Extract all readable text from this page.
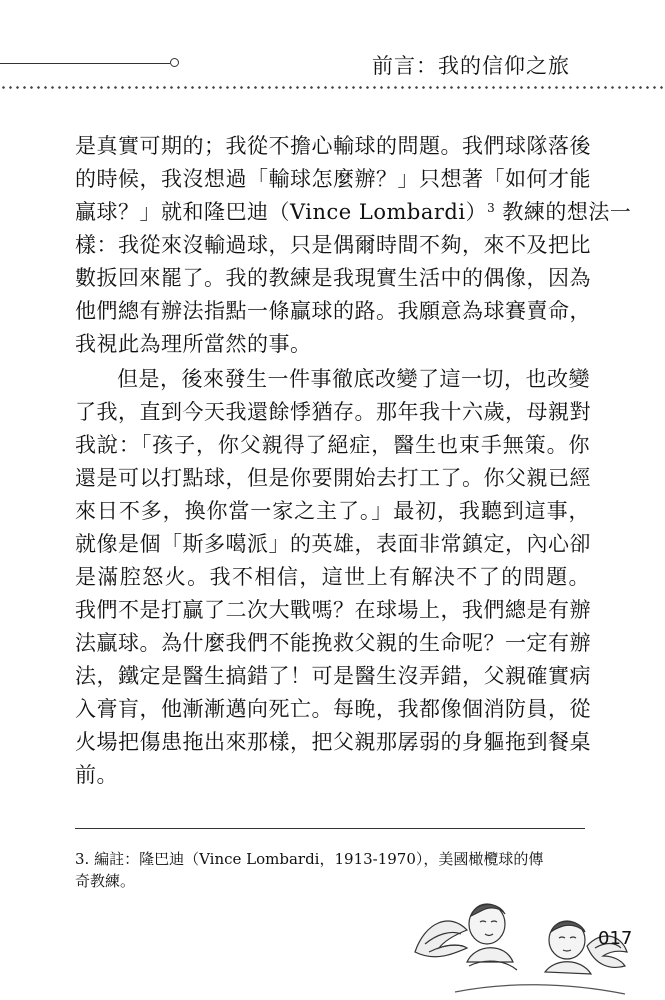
前言：我的信仰之旅

是真實可期的；我從不擔心輸球的問題。我們球隊落後
的時候，我沒想過「輸球怎麼辦？」只想著「如何才能
贏球？」就和隆巴迪（Vince Lombardi）$^3$ 教練的想法一
樣：我從來沒輸過球，只是偶爾時間不夠，來不及把比
數扳回來罷了。我的教練是我現實生活中的偶像，因為
他們總有辦法指點一條贏球的路。我願意為球賽賣命，
我視此為理所當然的事。

但是，後來發生一件事徹底改變了這一切，也改變
了我，直到今天我還餘悸猶存。那年我十六歲，母親對
我說：「孩子，你父親得了絕症，醫生也束手無策。你
還是可以打點球，但是你要開始去打工了。你父親已經
來日不多，換你當一家之主了。」最初，我聽到這事，
就像是個「斯多噶派」的英雄，表面非常鎮定，內心卻
是滿腔怒火。我不相信，這世上有解決不了的問題。
我們不是打贏了二次大戰嗎？在球場上，我們總是有辦
法贏球。為什麼我們不能挽救父親的生命呢？一定有辦
法，鐵定是醫生搞錯了！可是醫生沒弄錯，父親確實病
入膏肓，他漸漸邁向死亡。每晚，我都像個消防員，從
火場把傷患拖出來那樣，把父親那孱弱的身軀拖到餐桌
前。

3. 編註：隆巴迪（Vince Lombardi，1913-1970），美國橄欖球的傳
奇教練。
017
